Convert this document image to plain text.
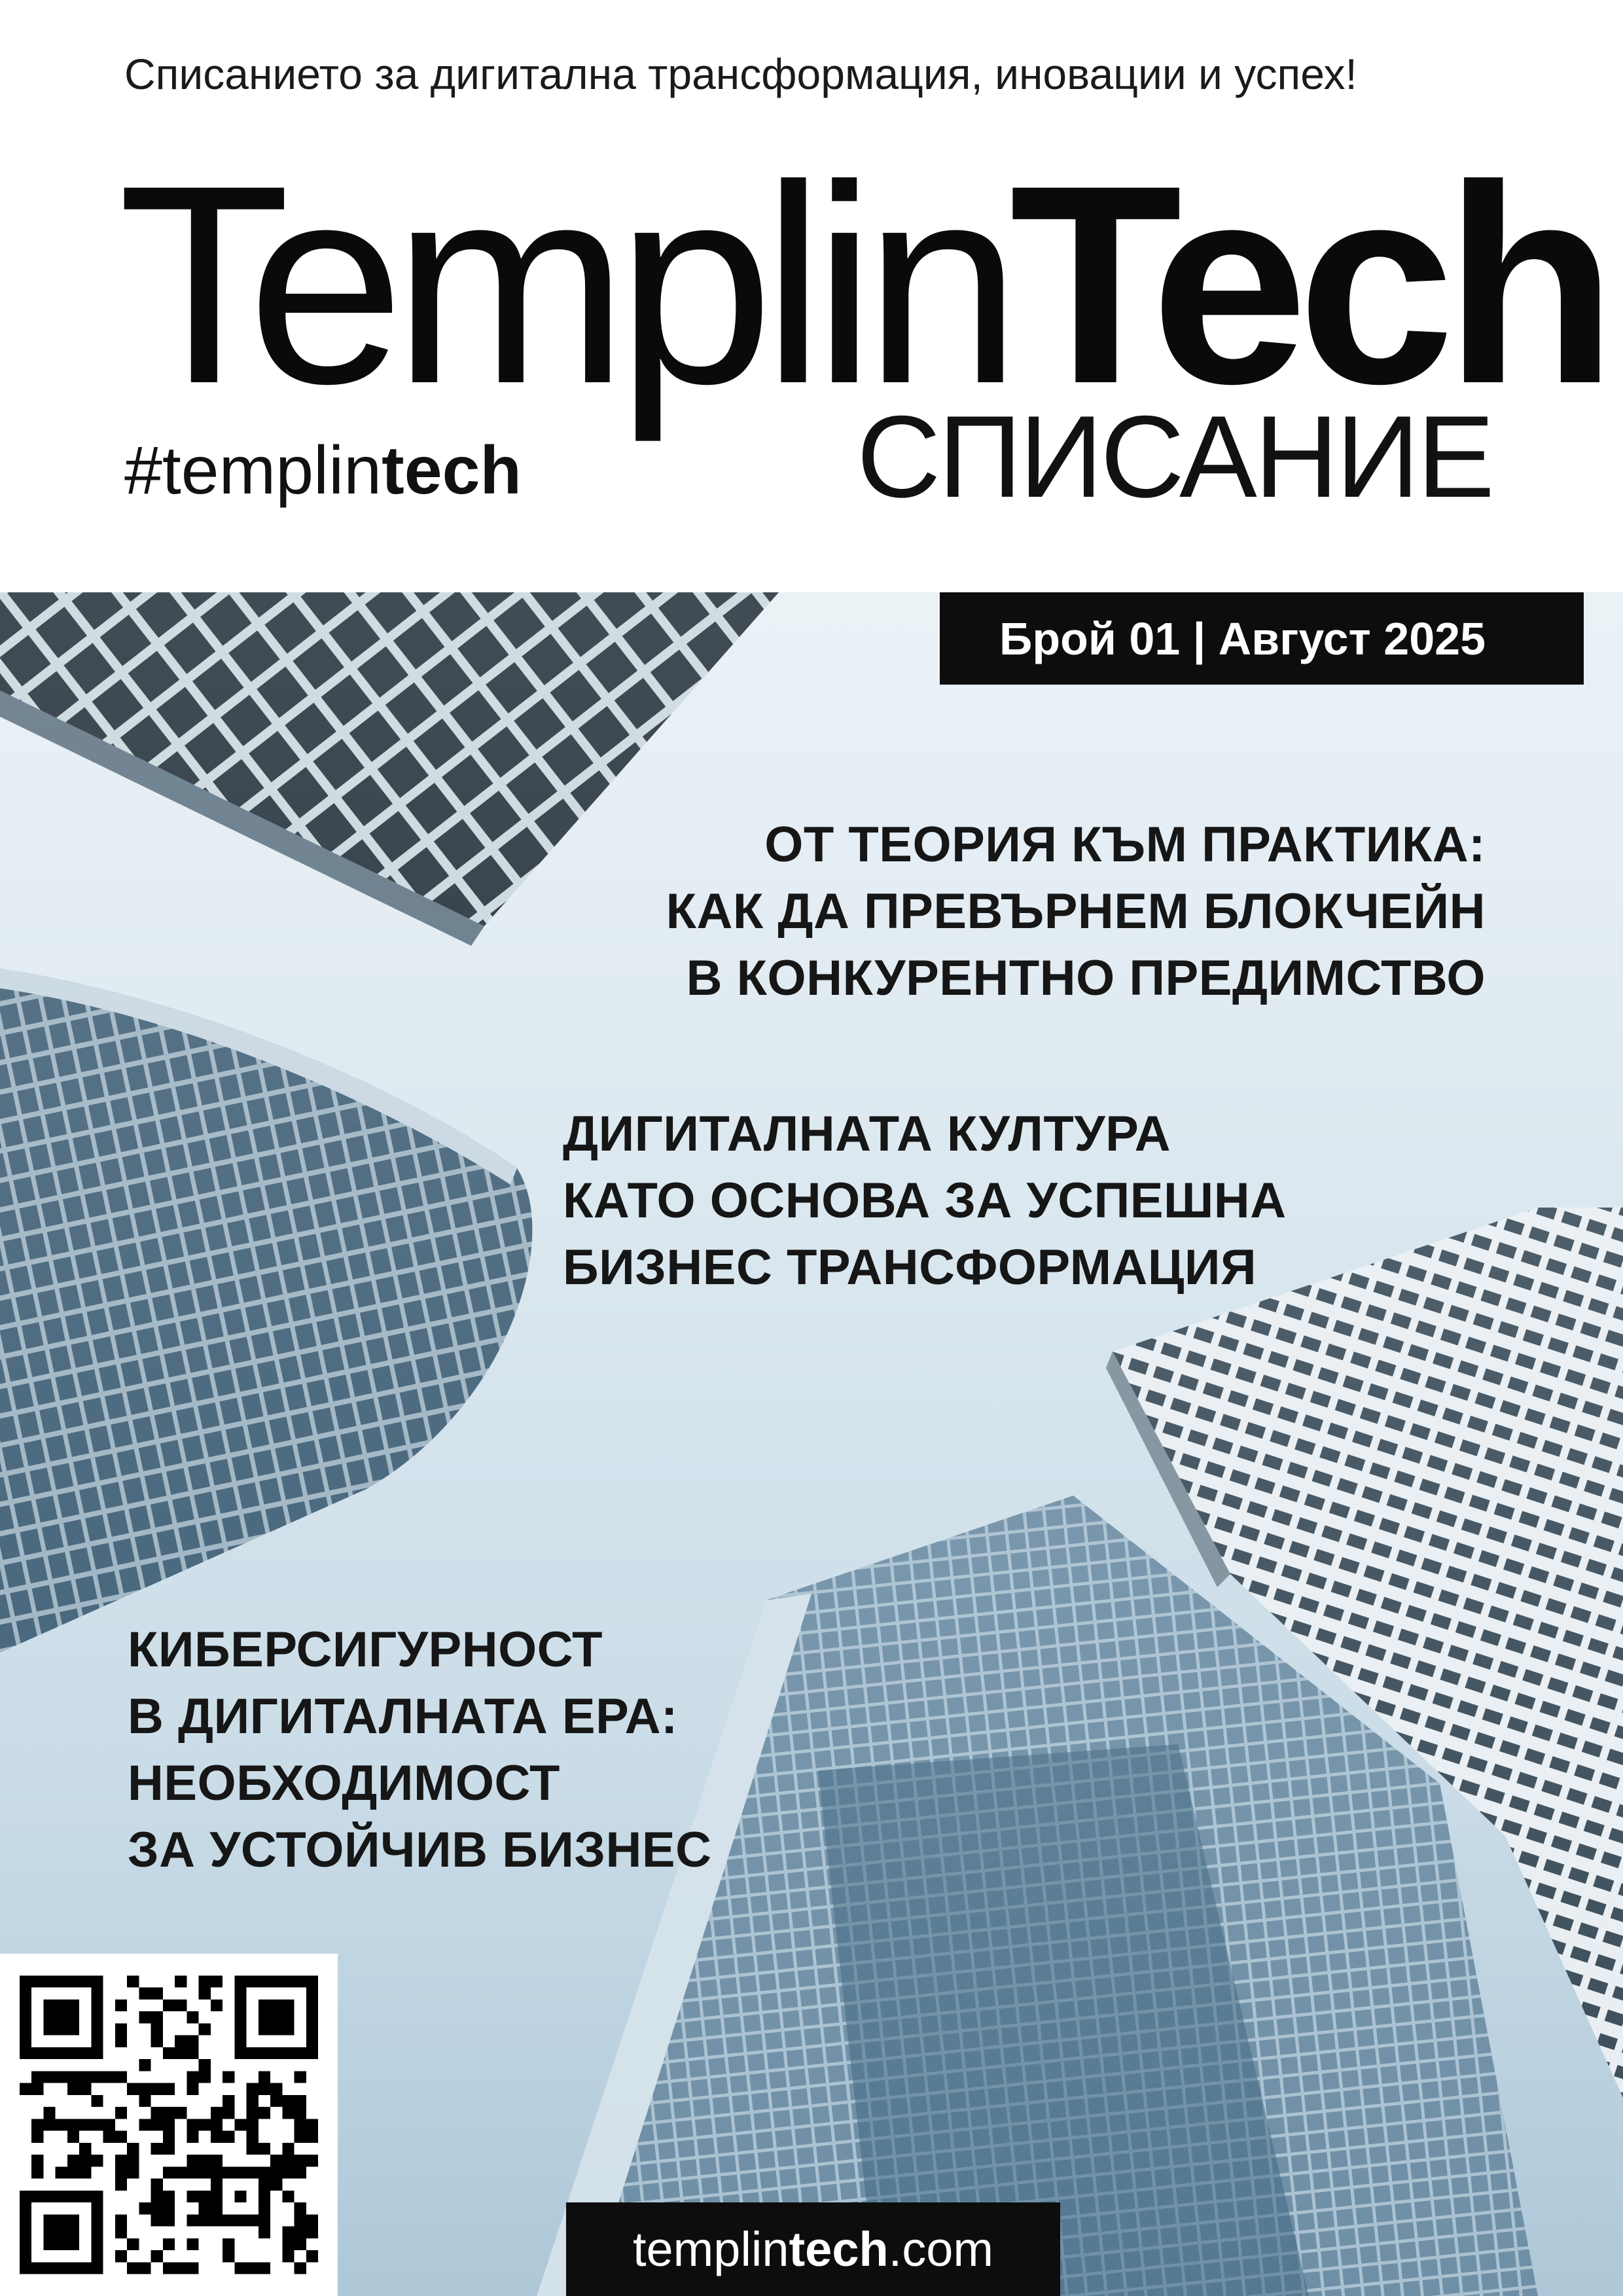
Списанието за дигитална трансформация, иновации и успех!
TemplinTech
#templintech	СПИСАНИЕ
Брой 01 | Август 2025
ОТ ТЕОРИЯ КЪМ ПРАКТИКА:
КАК ДА ПРЕВЪРНЕМ БЛОКЧЕЙН
В КОНКУРЕНТНО ПРЕДИМСТВО
ДИГИТАЛНАТА КУЛТУРА
КАТО ОСНОВА ЗА УСПЕШНА
БИЗНЕС ТРАНСФОРМАЦИЯ
КИБЕРСИГУРНОСТ
В ДИГИТАЛНАТА ЕРА:
НЕОБХОДИМОСТ
ЗА УСТОЙЧИВ БИЗНЕС
templin tech .com
